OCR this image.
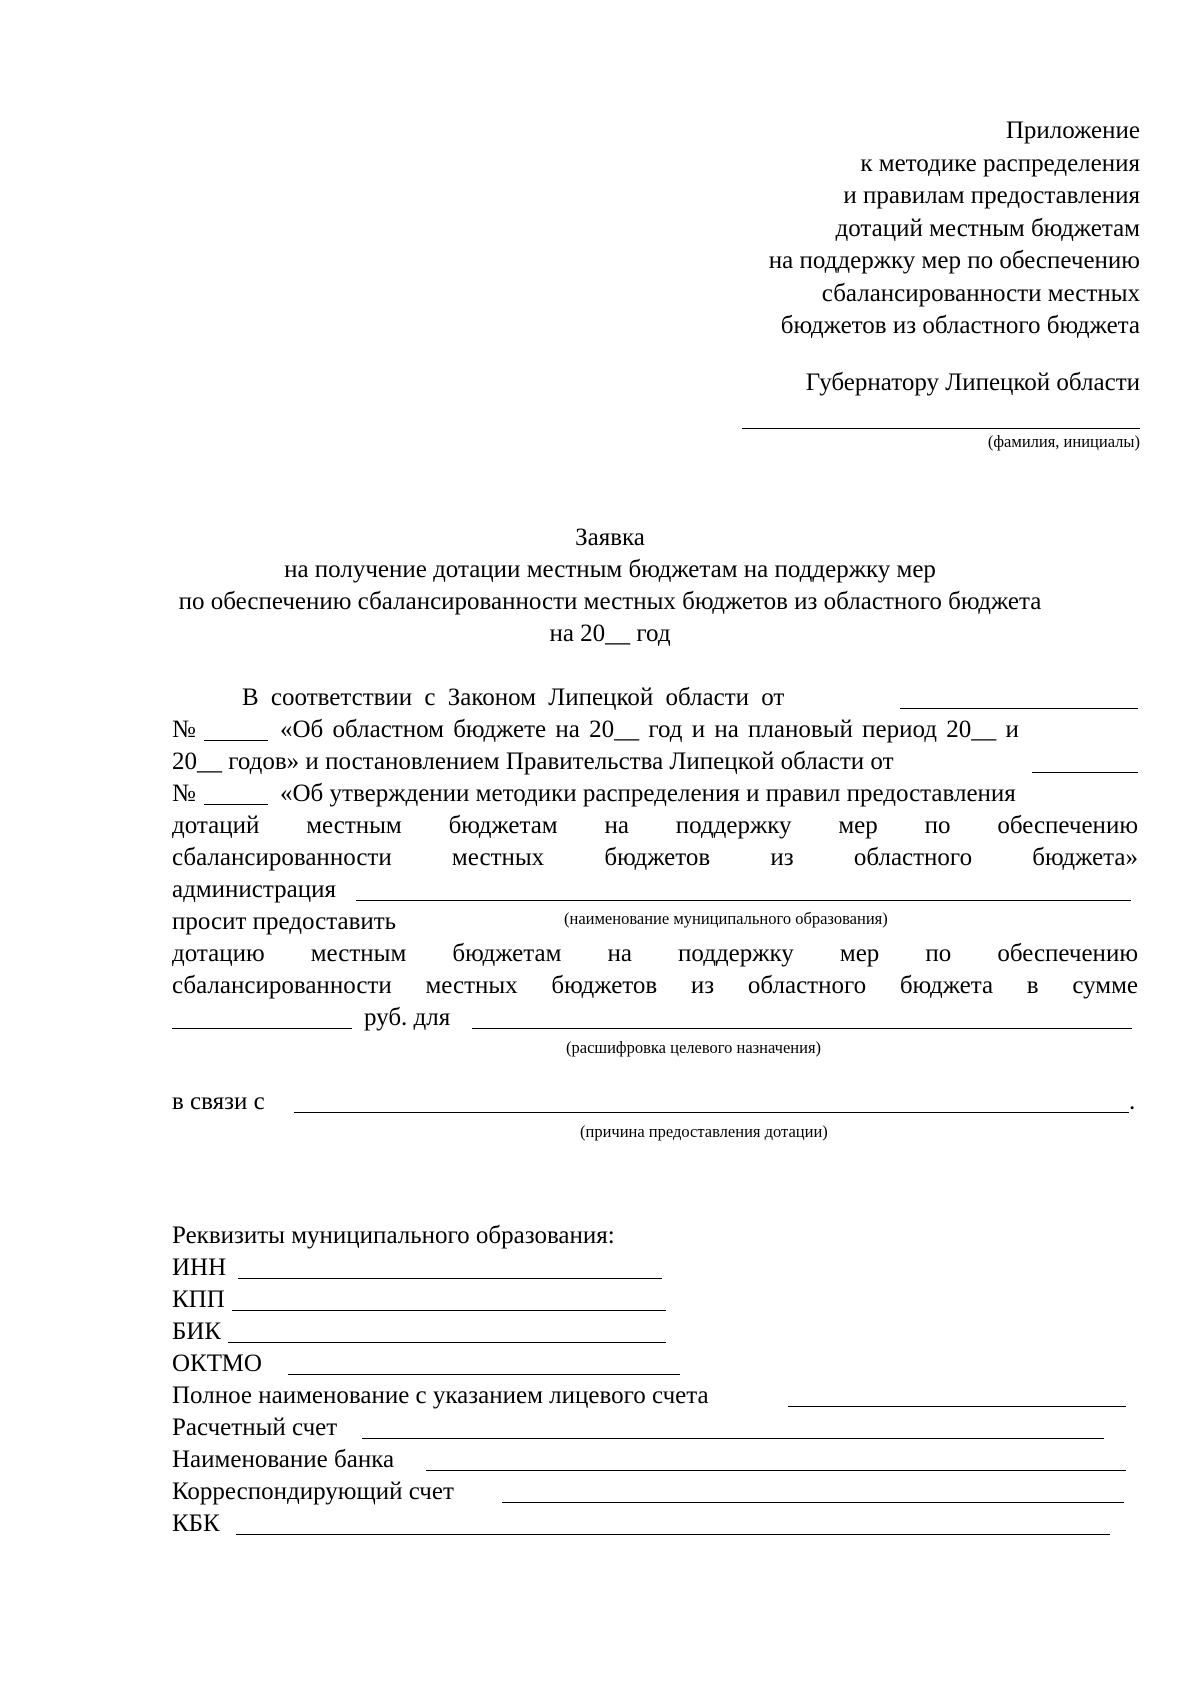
Приложение
к методике распределения
и правилам предоставления
дотаций местным бюджетам
на поддержку мер по обеспечению
сбалансированности местных
бюджетов из областного бюджета
Губернатору Липецкой области
(фамилия, инициалы)
Заявка
на получение дотации местным бюджетам на поддержку мер
по обеспечению сбалансированности местных бюджетов из областного бюджета
на 20__ год
В соответствии с Законом Липецкой области от
№	«Об областном бюджете на 20__ год и на плановый период 20__ и
20__ годов» и постановлением Правительства Липецкой области от
№	«Об утверждении методики распределения и правил предоставления
дотаций местным бюджетам на поддержку мер по обеспечению
сбалансированности местных бюджетов из областного бюджета»
администрация
просит предоставить	(наименование муниципального образования)
дотацию местным бюджетам на поддержку мер по обеспечению
сбалансированности местных бюджетов из областного бюджета в сумме
руб. для
(расшифровка целевого назначения)
в связи с	.
(причина предоставления дотации)
Реквизиты муниципального образования:
ИНН
КПП
БИК
ОКТМО
Полное наименование с указанием лицевого счета
Расчетный счет
Наименование банка
Корреспондирующий счет
КБК
